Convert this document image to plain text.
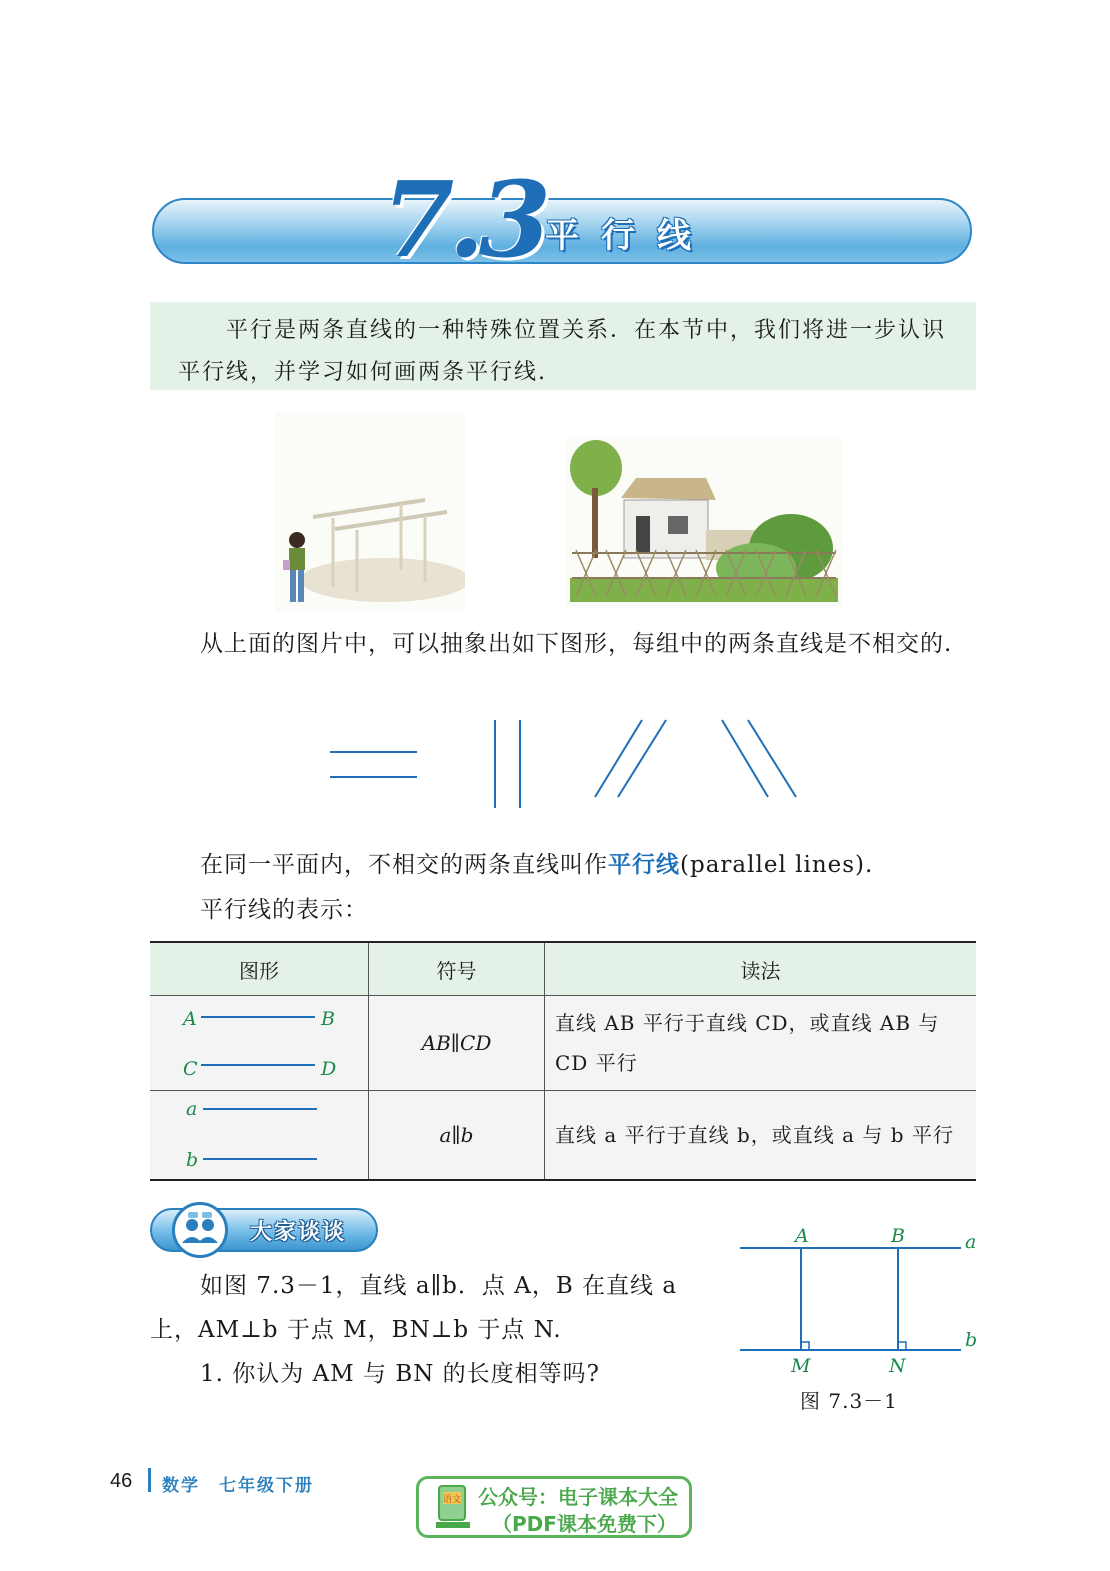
7.3 平行线

平行是两条直线的一种特殊位置关系．在本节中，我们将进一步认识平行线，并学习如何画两条平行线.

从上面的图片中，可以抽象出如下图形，每组中的两条直线是不相交的.
在同一平面内，不相交的两条直线叫作平行线(parallel lines).
平行线的表示：
图形	符号	读法

A B
C D	AB∥CD	直线 AB 平行于直线 CD，或直线 AB 与 CD 平行

a
b	a∥b	直线 a 平行于直线 b，或直线 a 与 b 平行
大家谈谈
如图 7.3－1，直线 a∥b．点 A，B 在直线 a
上，AM⊥b 于点 M，BN⊥b 于点 N.
1. 你认为 AM 与 BN 的长度相等吗?
A	B	a
b
M	N
图 7.3－1
46 数学　七年级下册
语文 公众号：电子课本大全
（PDF课本免费下）
